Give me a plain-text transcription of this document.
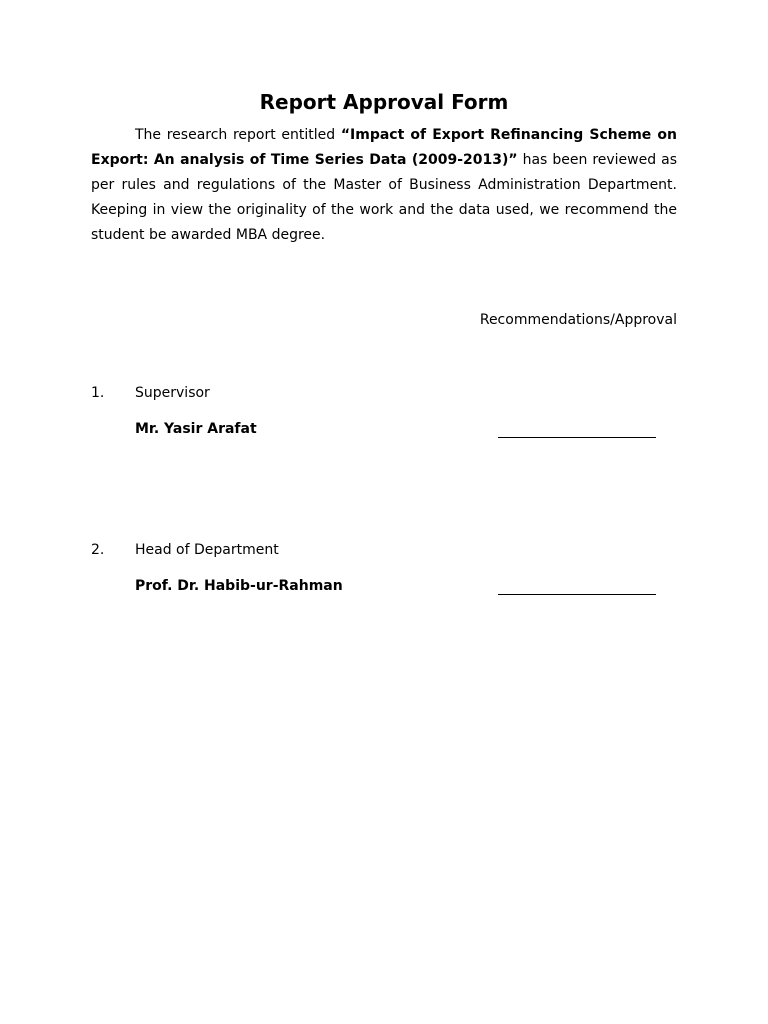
Report Approval Form

The research report entitled “Impact of Export Refinancing Scheme on Export: An analysis of Time Series Data (2009-2013)” has been reviewed as per rules and regulations of the Master of Business Administration Department. Keeping in view the originality of the work and the data used, we recommend the student be awarded MBA degree.

Recommendations/Approval
1. Supervisor
Mr. Yasir Arafat
2. Head of Department
Prof. Dr. Habib-ur-Rahman
